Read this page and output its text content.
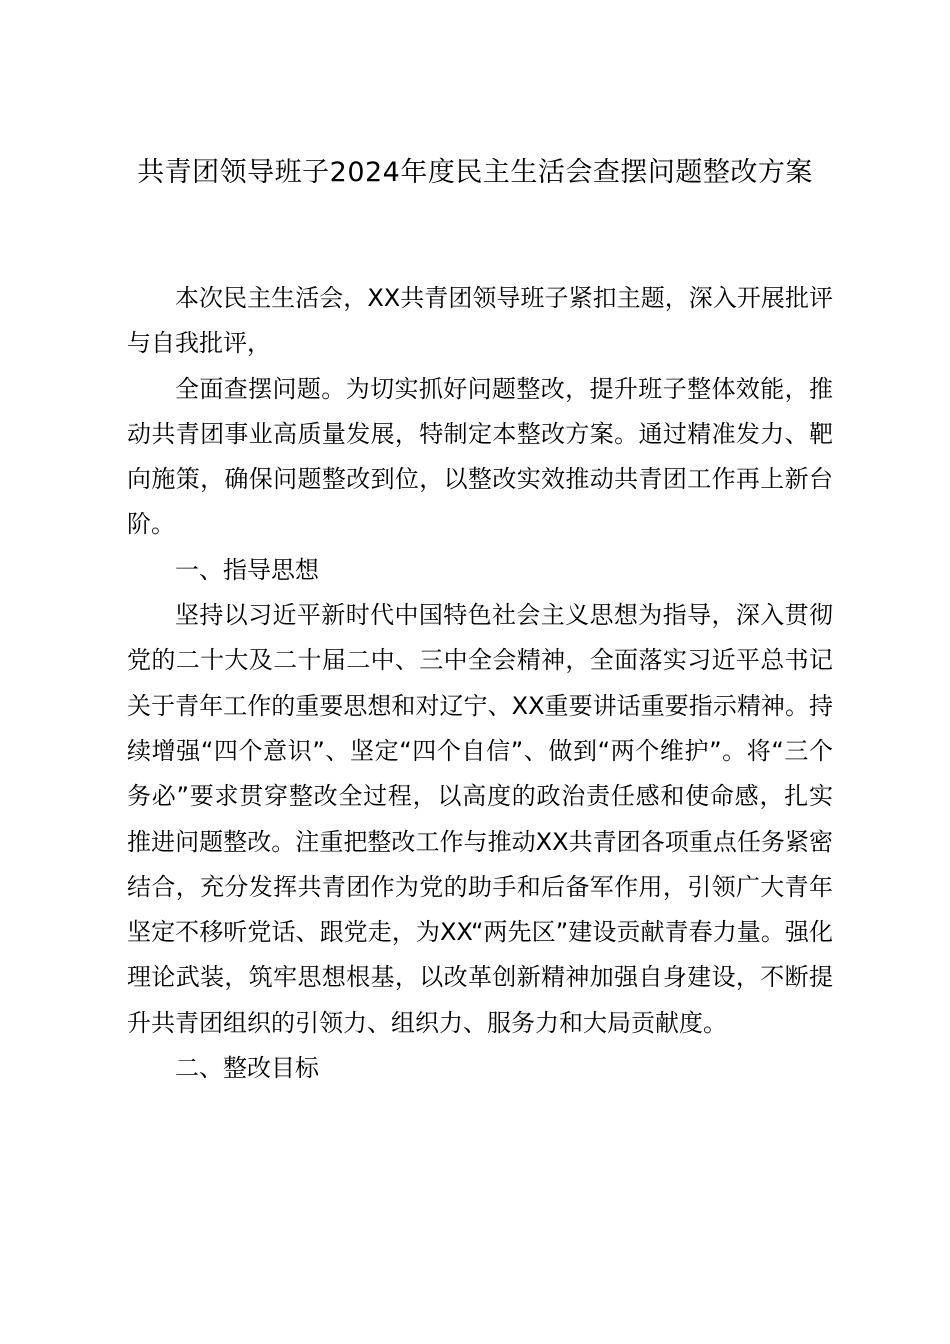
共青团领导班子2024年度民主生活会查摆问题整改方案

本次民主生活会，XX共青团领导班子紧扣主题，深入开展批评与自我批评，

全面查摆问题。为切实抓好问题整改，提升班子整体效能，推动共青团事业高质量发展，特制定本整改方案。通过精准发力、靶向施策，确保问题整改到位，以整改实效推动共青团工作再上新台阶。

一、指导思想

坚持以习近平新时代中国特色社会主义思想为指导，深入贯彻党的二十大及二十届二中、三中全会精神，全面落实习近平总书记关于青年工作的重要思想和对辽宁、XX重要讲话重要指示精神。持续增强“四个意识”、坚定“四个自信”、做到“两个维护”。将“三个务必”要求贯穿整改全过程，以高度的政治责任感和使命感，扎实推进问题整改。注重把整改工作与推动XX共青团各项重点任务紧密结合，充分发挥共青团作为党的助手和后备军作用，引领广大青年坚定不移听党话、跟党走，为XX“两先区”建设贡献青春力量。强化理论武装，筑牢思想根基，以改革创新精神加强自身建设，不断提升共青团组织的引领力、组织力、服务力和大局贡献度。

二、整改目标
